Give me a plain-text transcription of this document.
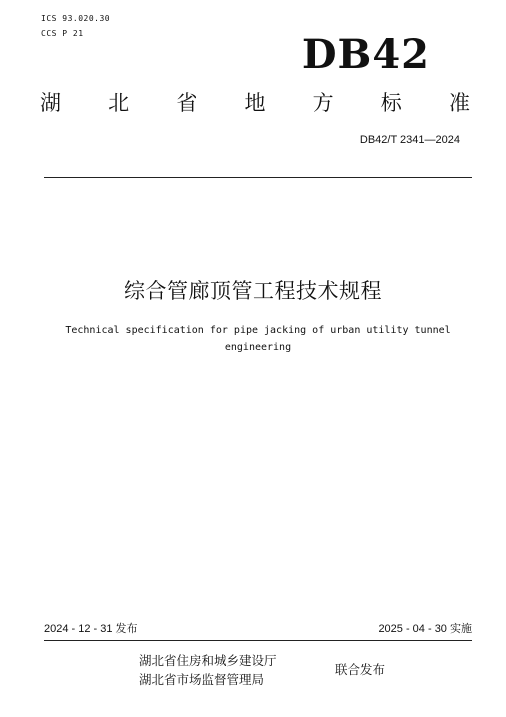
ICS 93.020.30
CCS P 21	DB42
湖 北 省 地 方 标 准
DB42/T 2341—2024
综合管廊顶管工程技术规程
Technical specification for pipe jacking of urban utility tunnel
engineering
2024 - 12 - 31 发布	2025 - 04 - 30 实施
湖北省住房和城乡建设厅
湖北省市场监督管理局
联合发布
